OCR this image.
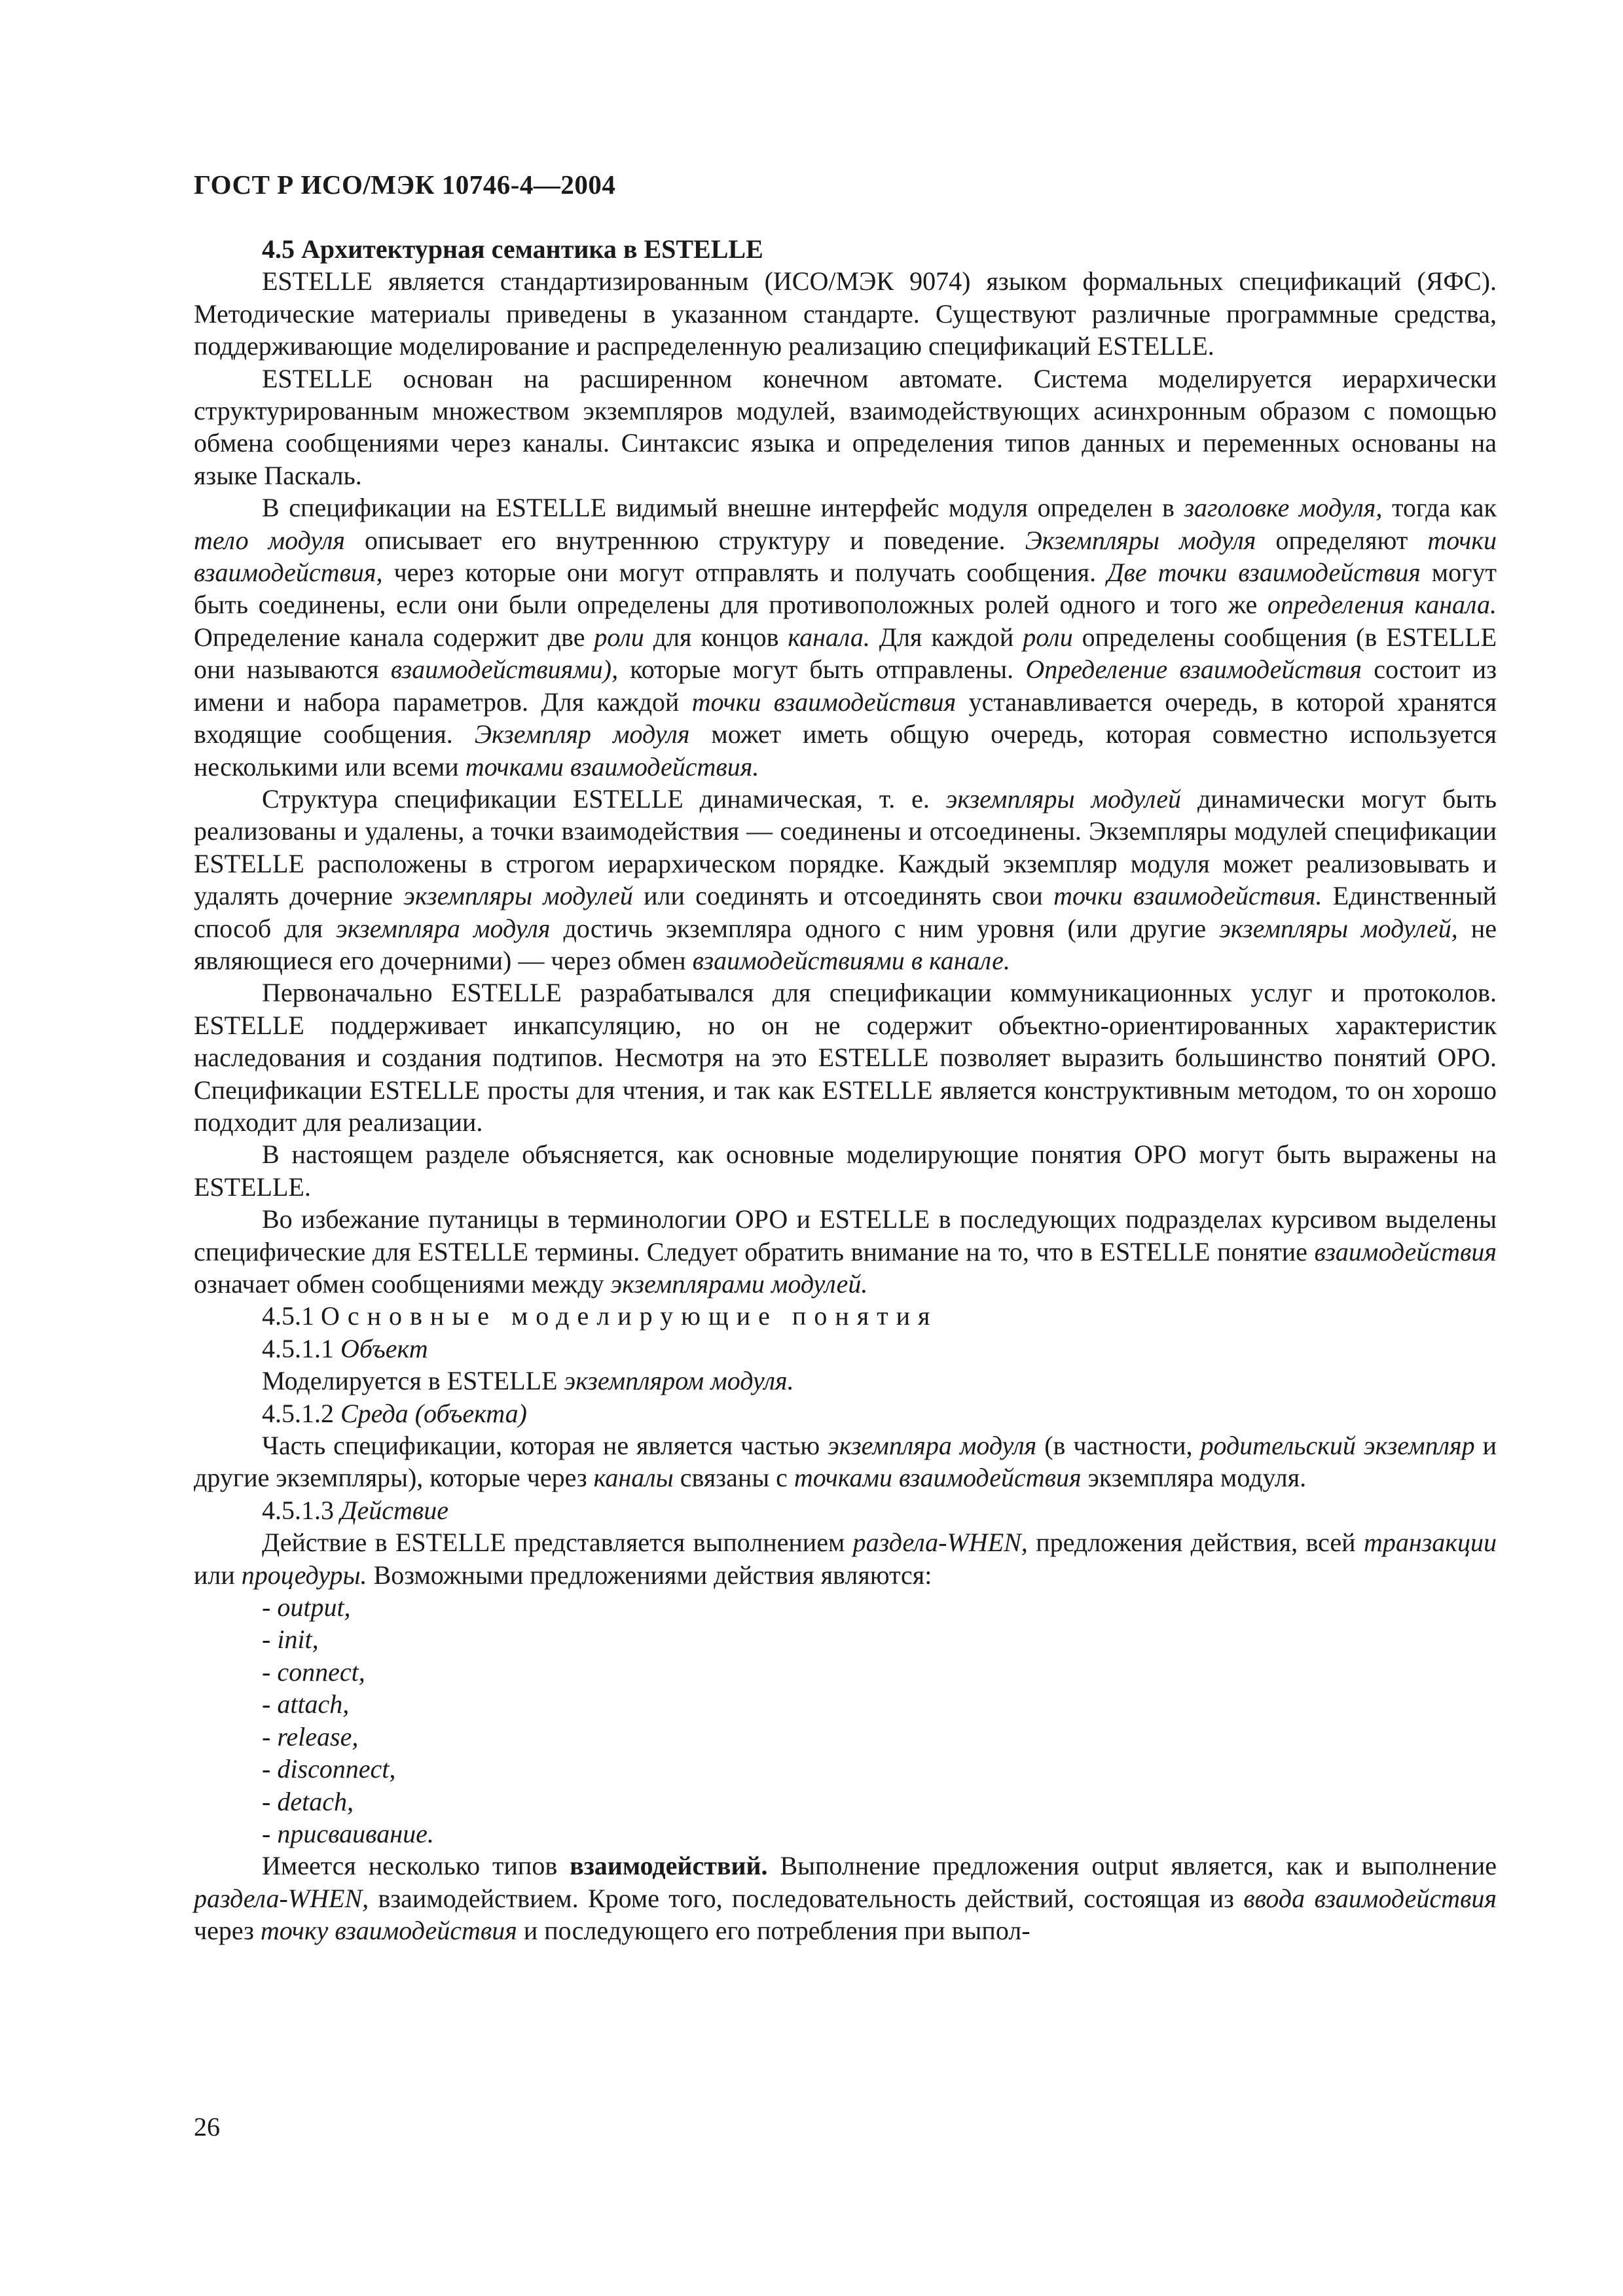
ГОСТ Р ИСО/МЭК 10746-4—2004

4.5 Архитектурная семантика в ESTELLE

ESTELLE является стандартизированным (ИСО/МЭК 9074) языком формальных спецификаций (ЯФС). Методические материалы приведены в указанном стандарте. Существуют различные программные средства, поддерживающие моделирование и распределенную реализацию спецификаций ESTELLE.

ESTELLE основан на расширенном конечном автомате. Система моделируется иерархически структурированным множеством экземпляров модулей, взаимодействующих асинхронным образом с помощью обмена сообщениями через каналы. Синтаксис языка и определения типов данных и переменных основаны на языке Паскаль.

В спецификации на ESTELLE видимый внешне интерфейс модуля определен в заголовке модуля, тогда как тело модуля описывает его внутреннюю структуру и поведение. Экземпляры модуля определяют точки взаимодействия, через которые они могут отправлять и получать сообщения. Две точки взаимодействия могут быть соединены, если они были определены для противоположных ролей одного и того же определения канала. Определение канала содержит две роли для концов канала. Для каждой роли определены сообщения (в ESTELLE они называются взаимодействиями), которые могут быть отправлены. Определение взаимодействия состоит из имени и набора параметров. Для каждой точки взаимодействия устанавливается очередь, в которой хранятся входящие сообщения. Экземпляр модуля может иметь общую очередь, которая совместно используется несколькими или всеми точками взаимодействия.

Структура спецификации ESTELLE динамическая, т. е. экземпляры модулей динамически могут быть реализованы и удалены, а точки взаимодействия — соединены и отсоединены. Экземпляры модулей спецификации ESTELLE расположены в строгом иерархическом порядке. Каждый экземпляр модуля может реализовывать и удалять дочерние экземпляры модулей или соединять и отсоединять свои точки взаимодействия. Единственный способ для экземпляра модуля достичь экземпляра одного с ним уровня (или другие экземпляры модулей, не являющиеся его дочерними) — через обмен взаимодействиями в канале.

Первоначально ESTELLE разрабатывался для спецификации коммуникационных услуг и протоколов. ESTELLE поддерживает инкапсуляцию, но он не содержит объектно-ориентированных характеристик наследования и создания подтипов. Несмотря на это ESTELLE позволяет выразить большинство понятий ОРО. Спецификации ESTELLE просты для чтения, и так как ESTELLE является конструктивным методом, то он хорошо подходит для реализации.

В настоящем разделе объясняется, как основные моделирующие понятия ОРО могут быть выражены на ESTELLE.

Во избежание путаницы в терминологии ОРО и ESTELLE в последующих подразделах курсивом выделены специфические для ESTELLE термины. Следует обратить внимание на то, что в ESTELLE понятие взаимодействия означает обмен сообщениями между экземплярами модулей.

4.5.1 Основные моделирующие понятия

4.5.1.1 Объект

Моделируется в ESTELLE экземпляром модуля.

4.5.1.2 Среда (объекта)

Часть спецификации, которая не является частью экземпляра модуля (в частности, родительский экземпляр и другие экземпляры), которые через каналы связаны с точками взаимодействия экземпляра модуля.

4.5.1.3 Действие

Действие в ESTELLE представляется выполнением раздела-WHEN, предложения действия, всей транзакции или процедуры. Возможными предложениями действия являются:

- output,
- init,
- connect,
- attach,
- release,
- disconnect,
- detach,
- присваивание.

Имеется несколько типов взаимодействий. Выполнение предложения output является, как и выполнение раздела-WHEN, взаимодействием. Кроме того, последовательность действий, состоящая из ввода взаимодействия через точку взаимодействия и последующего его потребления при выпол-

26
